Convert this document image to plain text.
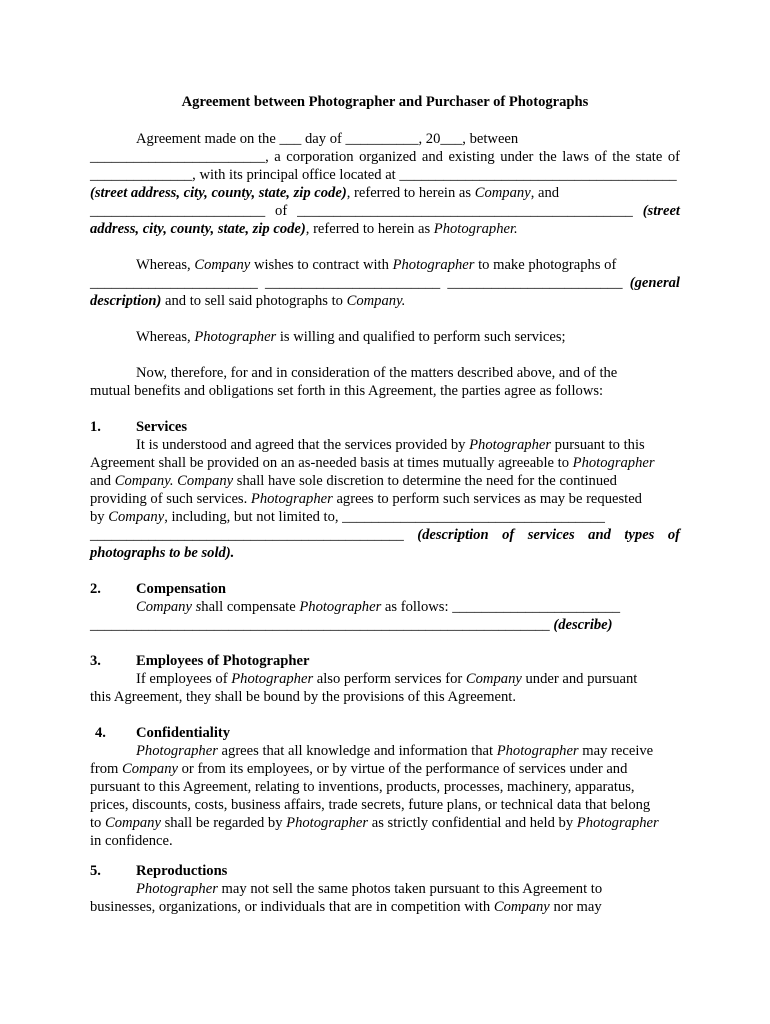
Agreement between Photographer and Purchaser of Photographs
Agreement made on the ___ day of __________, 20___, between
________________________, a corporation organized and existing under the laws of the state of
______________, with its principal office located at ______________________________________
(street address, city, county, state, zip code), referred to herein as Company, and
________________________ of ______________________________________________ (street
address, city, county, state, zip code), referred to herein as Photographer.
Whereas, Company wishes to contract with Photographer to make photographs of
_______________________ ________________________ ________________________ (general
description) and to sell said photographs to Company.
Whereas, Photographer is willing and qualified to perform such services;
Now, therefore, for and in consideration of the matters described above, and of the
mutual benefits and obligations set forth in this Agreement, the parties agree as follows:
1. Services
It is understood and agreed that the services provided by Photographer pursuant to this
Agreement shall be provided on an as-needed basis at times mutually agreeable to Photographer
and Company. Company shall have sole discretion to determine the need for the continued
providing of such services. Photographer agrees to perform such services as may be requested
by Company, including, but not limited to, ____________________________________
___________________________________________ (description of services and types of
photographs to be sold).
2. Compensation
Company shall compensate Photographer as follows: _______________________
_______________________________________________________________ (describe)
3. Employees of Photographer
If employees of Photographer also perform services for Company under and pursuant
this Agreement, they shall be bound by the provisions of this Agreement.
4. Confidentiality
Photographer agrees that all knowledge and information that Photographer may receive
from Company or from its employees, or by virtue of the performance of services under and
pursuant to this Agreement, relating to inventions, products, processes, machinery, apparatus,
prices, discounts, costs, business affairs, trade secrets, future plans, or technical data that belong
to Company shall be regarded by Photographer as strictly confidential and held by Photographer
in confidence.
5. Reproductions
Photographer may not sell the same photos taken pursuant to this Agreement to
businesses, organizations, or individuals that are in competition with Company nor may
